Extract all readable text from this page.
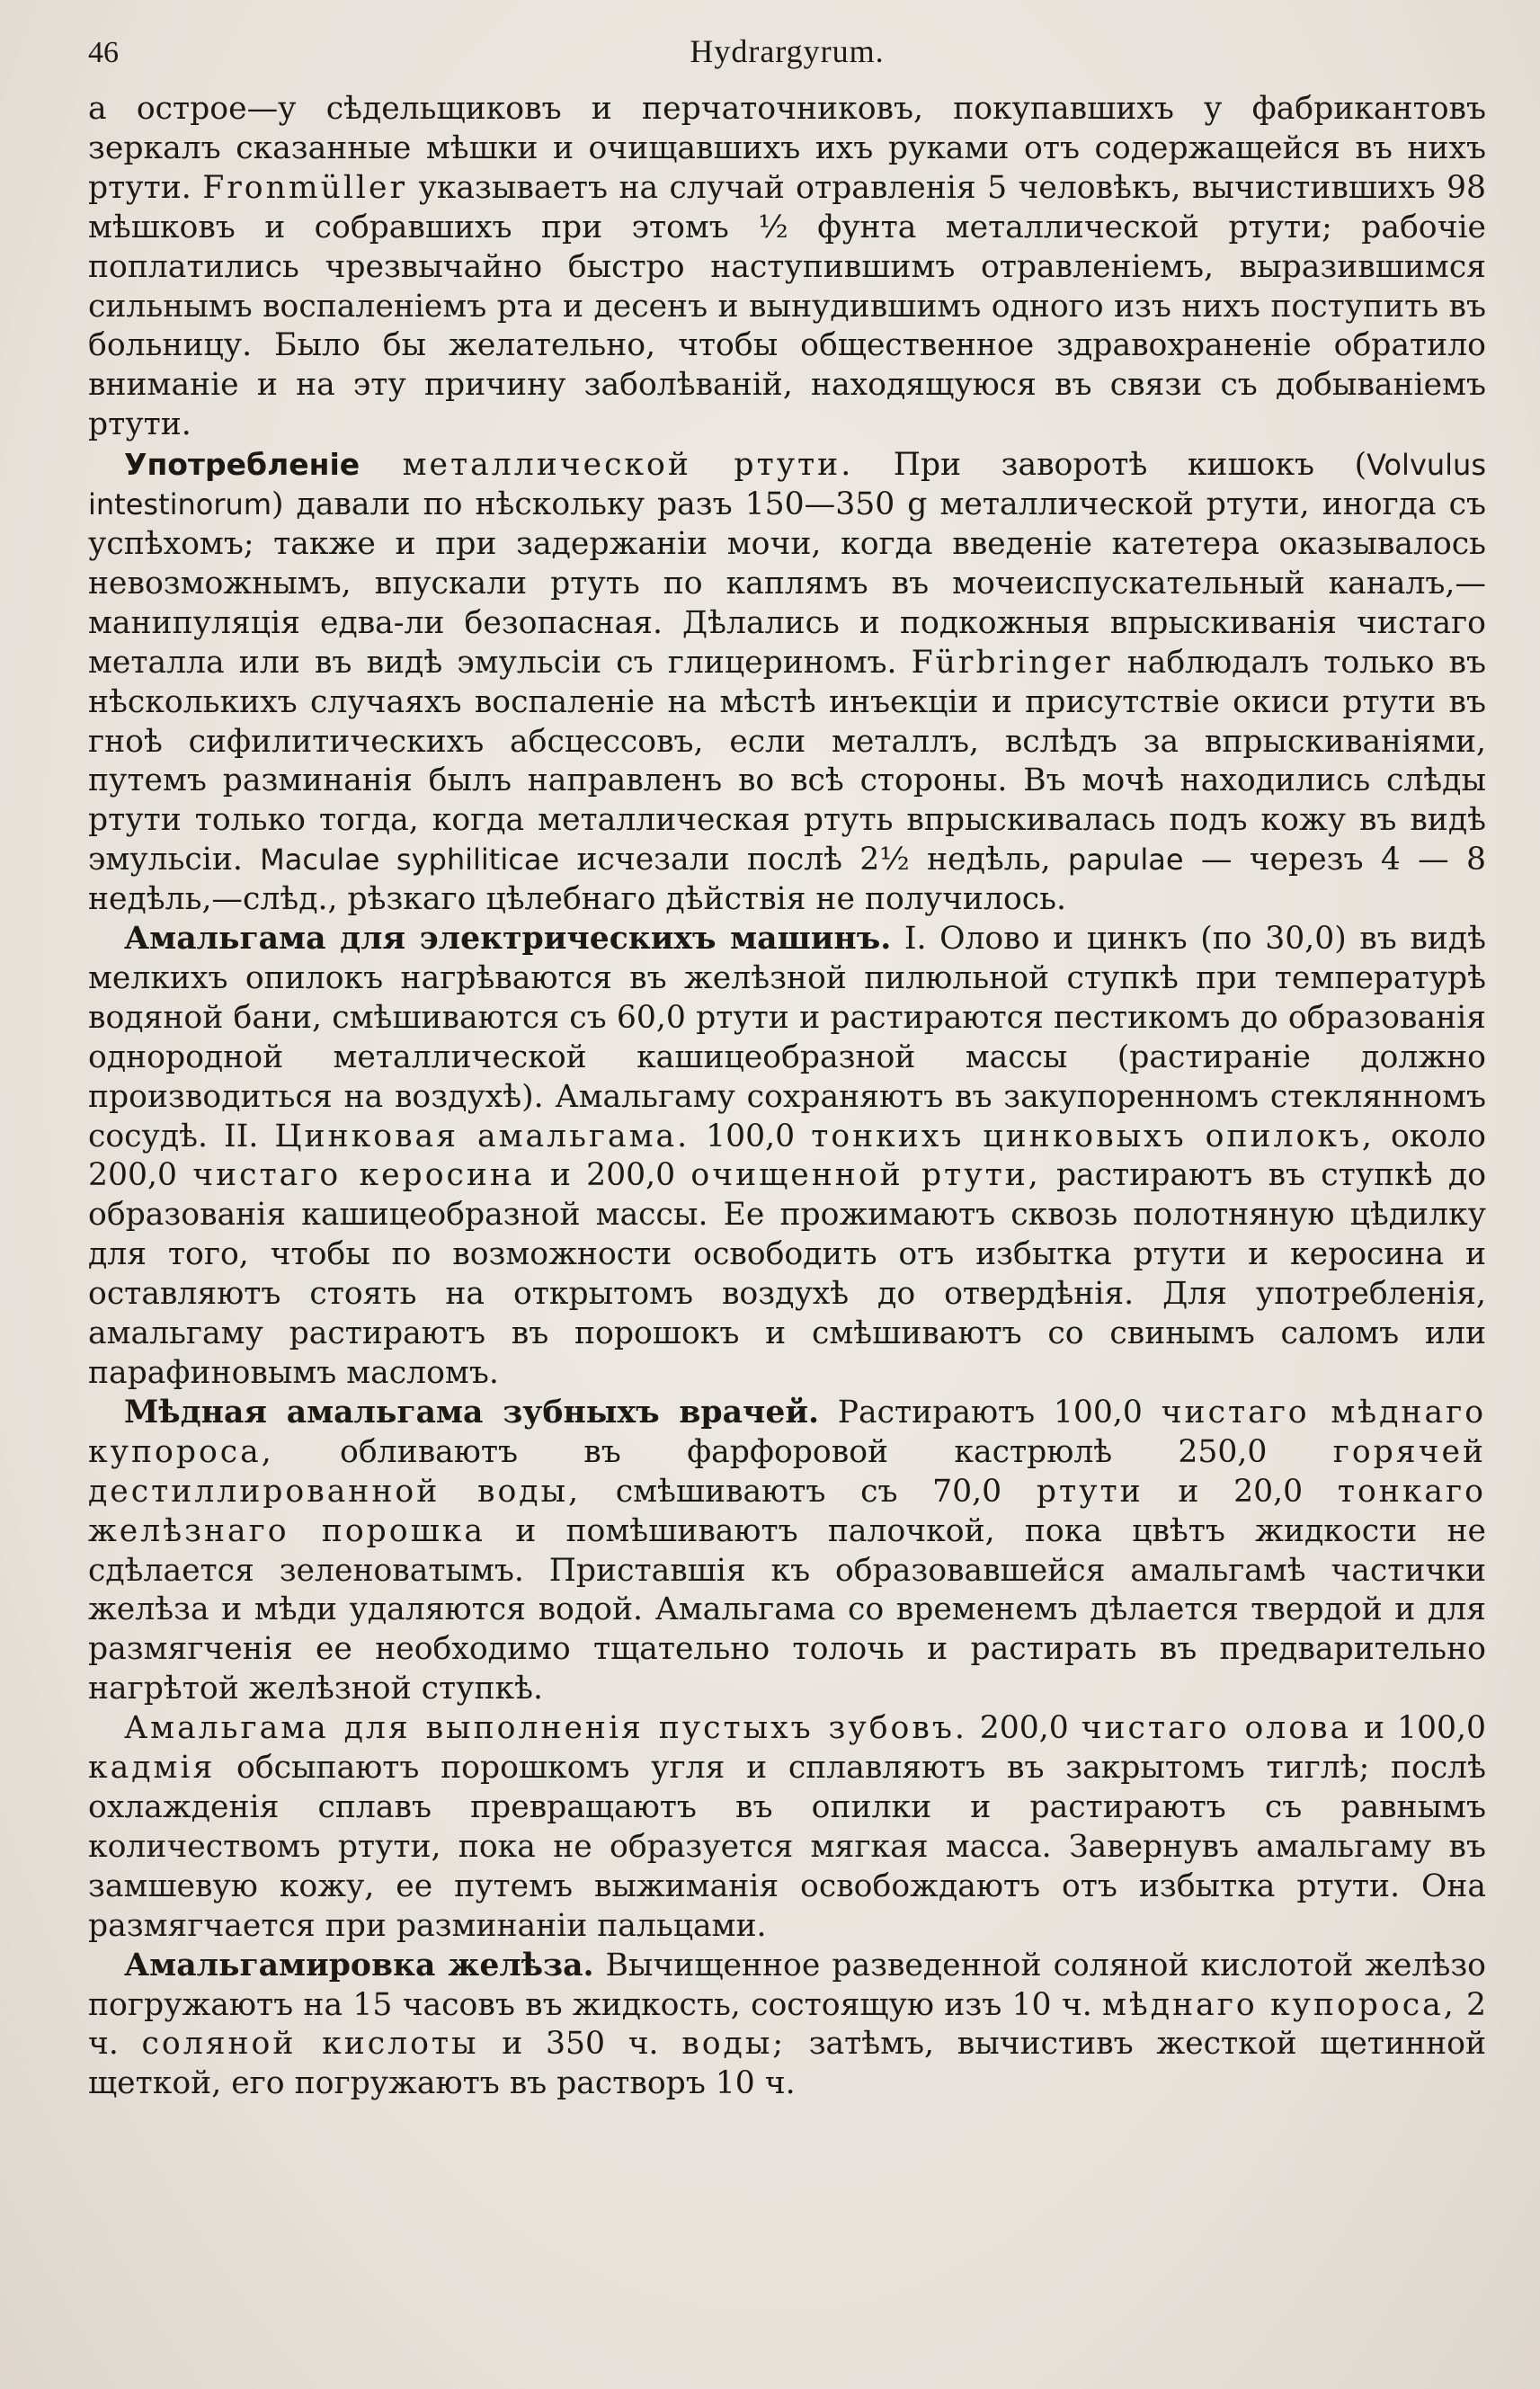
46	Hydrargyrum.

а острое—у сѣдельщиковъ и перчаточниковъ, покупавшихъ у фабрикантовъ зеркалъ сказанные мѣшки и очищавшихъ ихъ руками отъ содержащейся въ нихъ ртути. Fronmüller указываетъ на случай отравленія 5 человѣкъ, вычистившихъ 98 мѣшковъ и собравшихъ при этомъ ½ фунта металлической ртути; рабочіе поплатились чрезвычайно быстро наступившимъ отравленіемъ, выразившимся сильнымъ воспаленіемъ рта и десенъ и вынудившимъ одного изъ нихъ поступить въ больницу. Было бы желательно, чтобы общественное здравохраненіе обратило вниманіе и на эту причину заболѣваній, находящуюся въ связи съ добываніемъ ртути.

Употребленіе металлической ртути. При заворотѣ кишокъ (Volvulus intestinorum) давали по нѣскольку разъ 150—350 g металлической ртути, иногда съ успѣхомъ; также и при задержаніи мочи, когда введеніе катетера оказывалось невозможнымъ, впускали ртуть по каплямъ въ мочеиспускательный каналъ,—манипуляція едва-ли безопасная. Дѣлались и подкожныя впрыскиванія чистаго металла или въ видѣ эмульсіи съ глицериномъ. Fürbringer наблюдалъ только въ нѣсколькихъ случаяхъ воспаленіе на мѣстѣ инъекціи и присутствіе окиси ртути въ гноѣ сифилитическихъ абсцессовъ, если металлъ, вслѣдъ за впрыскиваніями, путемъ разминанія былъ направленъ во всѣ стороны. Въ мочѣ находились слѣды ртути только тогда, когда металлическая ртуть впрыскивалась подъ кожу въ видѣ эмульсіи. Maculae syphiliticae исчезали послѣ 2½ недѣль, papulae — черезъ 4 — 8 недѣль,—слѣд., рѣзкаго цѣлебнаго дѣйствія не получилось.

Амальгама для электрическихъ машинъ. I. Олово и цинкъ (по 30,0) въ видѣ мелкихъ опилокъ нагрѣваются въ желѣзной пилюльной ступкѣ при температурѣ водяной бани, смѣшиваются съ 60,0 ртути и растираются пестикомъ до образованія однородной металлической кашицеобразной массы (растираніе должно производиться на воздухѣ). Амальгаму сохраняютъ въ закупоренномъ стеклянномъ сосудѣ. II. Цинковая амальгама. 100,0 тонкихъ цинковыхъ опилокъ, около 200,0 чистаго керосина и 200,0 очищенной ртути, растираютъ въ ступкѣ до образованія кашицеобразной массы. Ее прожимаютъ сквозь полотняную цѣдилку для того, чтобы по возможности освободить отъ избытка ртути и керосина и оставляютъ стоять на открытомъ воздухѣ до отвердѣнія. Для употребленія, амальгаму растираютъ въ порошокъ и смѣшиваютъ со свинымъ саломъ или парафиновымъ масломъ.

Мѣдная амальгама зубныхъ врачей. Растираютъ 100,0 чистаго мѣднаго купороса, обливаютъ въ фарфоровой кастрюлѣ 250,0 горячей дестиллированной воды, смѣшиваютъ съ 70,0 ртути и 20,0 тонкаго желѣзнаго порошка и помѣшиваютъ палочкой, пока цвѣтъ жидкости не сдѣлается зеленоватымъ. Приставшія къ образовавшейся амальгамѣ частички желѣза и мѣди удаляются водой. Амальгама со временемъ дѣлается твердой и для размягченія ее необходимо тщательно толочь и растирать въ предварительно нагрѣтой желѣзной ступкѣ.

Амальгама для выполненія пустыхъ зубовъ. 200,0 чистаго олова и 100,0 кадмія обсыпаютъ порошкомъ угля и сплавляютъ въ закрытомъ тиглѣ; послѣ охлажденія сплавъ превращаютъ въ опилки и растираютъ съ равнымъ количествомъ ртути, пока не образуется мягкая масса. Завернувъ амальгаму въ замшевую кожу, ее путемъ выжиманія освобождаютъ отъ избытка ртути. Она размягчается при разминаніи пальцами.

Амальгамировка желѣза. Вычищенное разведенной соляной кислотой желѣзо погружаютъ на 15 часовъ въ жидкость, состоящую изъ 10 ч. мѣднаго купороса, 2 ч. соляной кислоты и 350 ч. воды; затѣмъ, вычистивъ жесткой щетинной щеткой, его погружаютъ въ растворъ 10 ч.
